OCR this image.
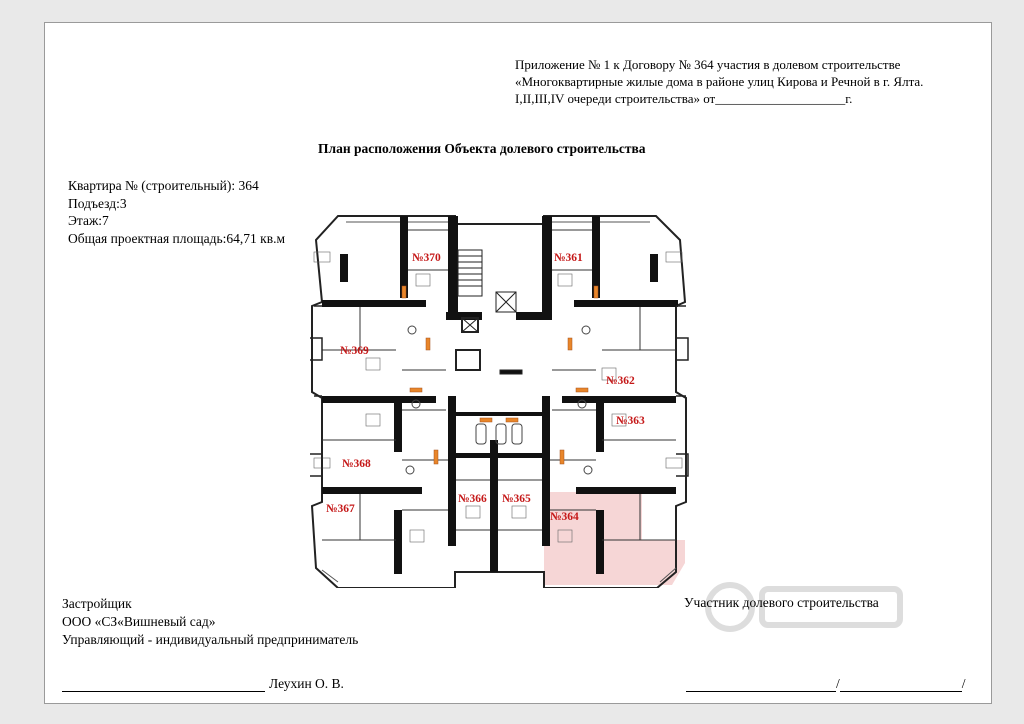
Приложение № 1 к Договору № 364 участия в долевом строительстве
«Многоквартирные жилые дома в районе улиц Кирова и Речной в г. Ялта.
I,II,III,IV очереди строительства» от____________________г.
План расположения Объекта долевого строительства
Квартира № (строительный): 364
Подъезд:3
Этаж:7
Общая проектная площадь:64,71 кв.м
№370	№361
№369
№362
№363
№368
№366 №365
№367
№364
Застройщик
ООО «СЗ«Вишневый сад»
Управляющий - индивидуальный предприниматель
Участник долевого строительства
Леухин О. В.	/	/
